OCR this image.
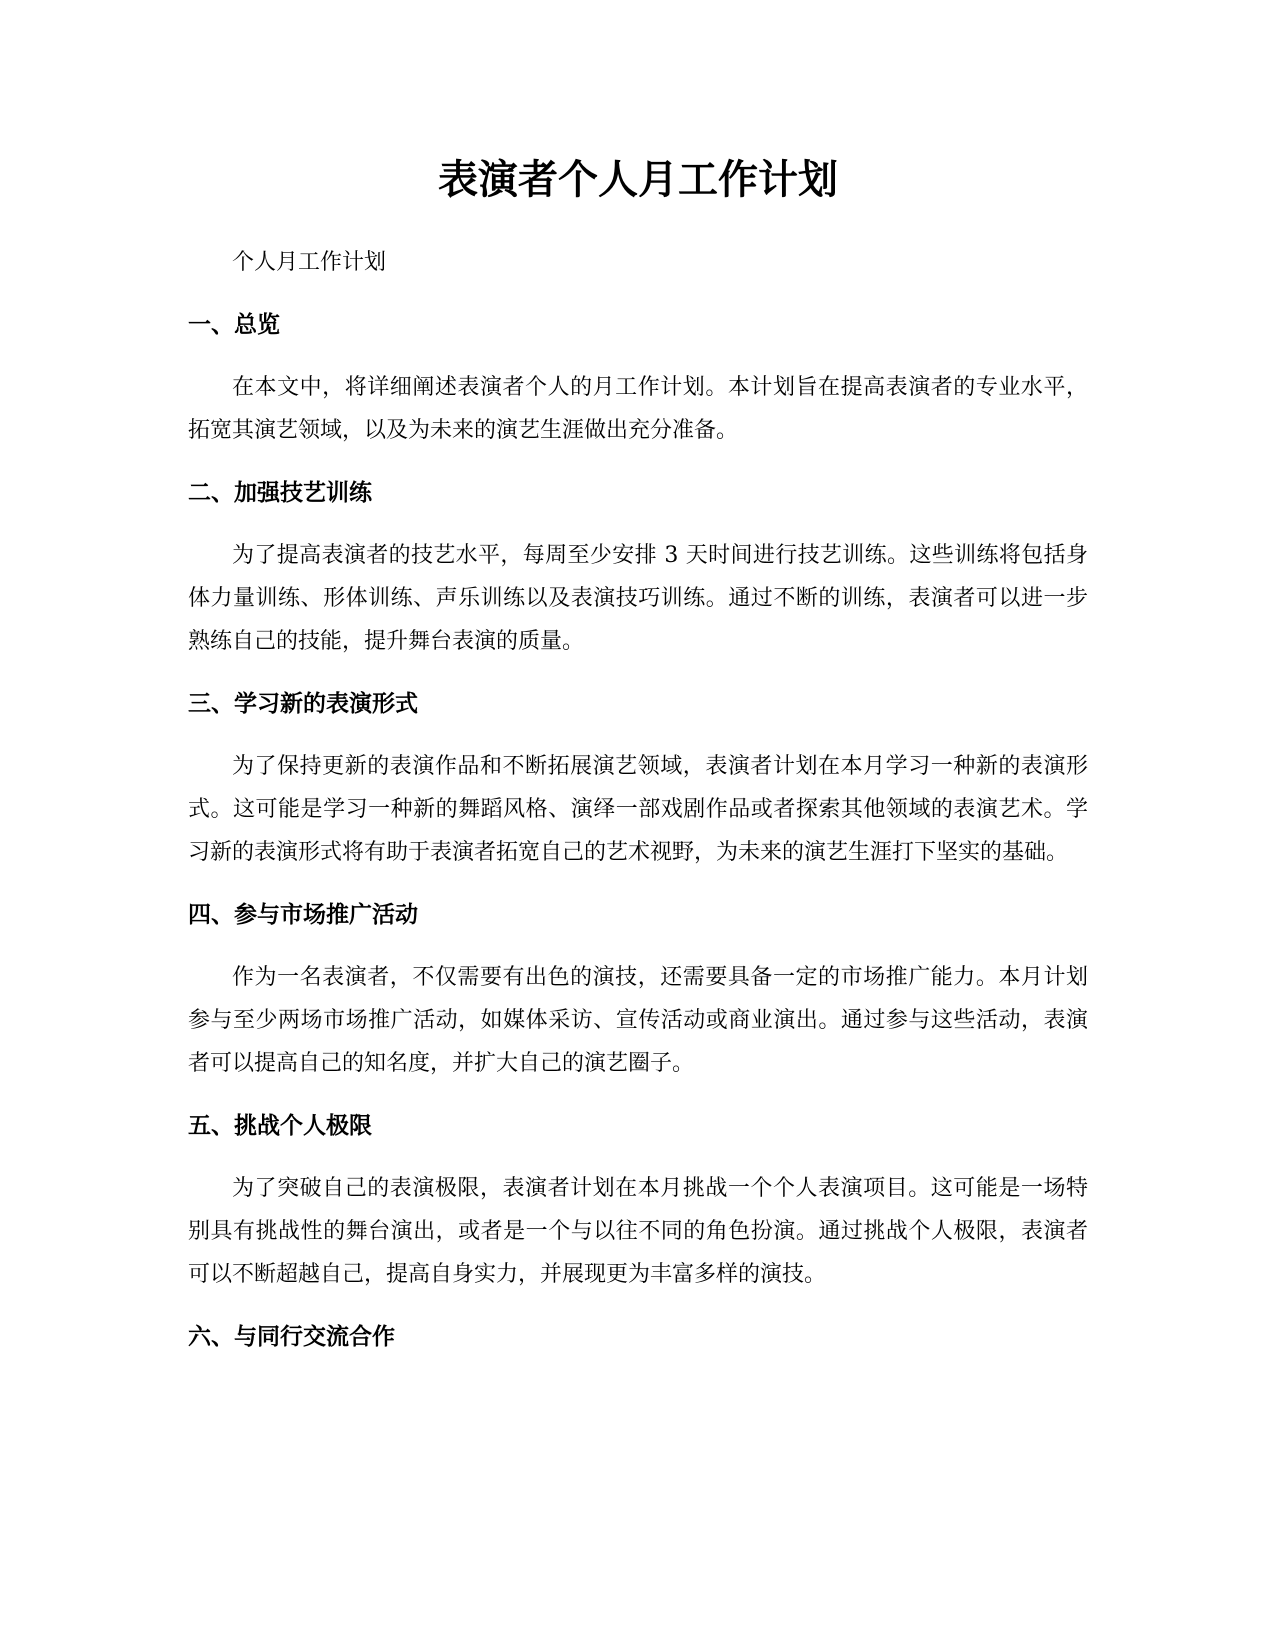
表演者个人月工作计划

个人月工作计划

一、总览

在本文中，将详细阐述表演者个人的月工作计划。本计划旨在提高表演者的专业水平，拓宽其演艺领域，以及为未来的演艺生涯做出充分准备。

二、加强技艺训练

为了提高表演者的技艺水平，每周至少安排 3 天时间进行技艺训练。这些训练将包括身体力量训练、形体训练、声乐训练以及表演技巧训练。通过不断的训练，表演者可以进一步熟练自己的技能，提升舞台表演的质量。

三、学习新的表演形式

为了保持更新的表演作品和不断拓展演艺领域，表演者计划在本月学习一种新的表演形式。这可能是学习一种新的舞蹈风格、演绎一部戏剧作品或者探索其他领域的表演艺术。学习新的表演形式将有助于表演者拓宽自己的艺术视野，为未来的演艺生涯打下坚实的基础。

四、参与市场推广活动

作为一名表演者，不仅需要有出色的演技，还需要具备一定的市场推广能力。本月计划参与至少两场市场推广活动，如媒体采访、宣传活动或商业演出。通过参与这些活动，表演者可以提高自己的知名度，并扩大自己的演艺圈子。

五、挑战个人极限

为了突破自己的表演极限，表演者计划在本月挑战一个个人表演项目。这可能是一场特别具有挑战性的舞台演出，或者是一个与以往不同的角色扮演。通过挑战个人极限，表演者可以不断超越自己，提高自身实力，并展现更为丰富多样的演技。

六、与同行交流合作
